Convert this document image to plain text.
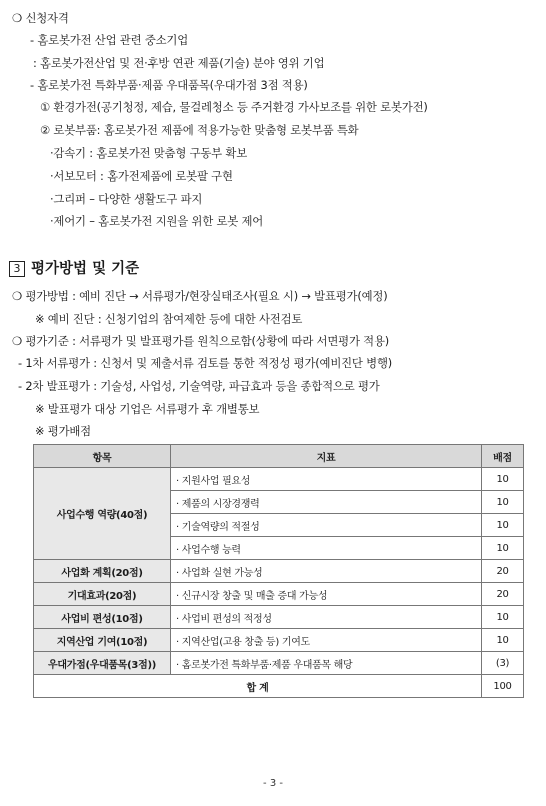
❍ 신청자격
- 홈로봇가전 산업 관련 중소기업
: 홈로봇가전산업 및 전·후방 연관 제품(기술) 분야 영위 기업
- 홈로봇가전 특화부품·제품 우대품목(우대가점 3점 적용)
① 환경가전(공기청정, 제습, 물걸레청소 등 주거환경 가사보조를 위한 로봇가전)
② 로봇부품: 홈로봇가전 제품에 적용가능한 맞춤형 로봇부품 특화
·감속기 : 홈로봇가전 맞춤형 구동부 확보
·서보모터 : 홈가전제품에 로봇팔 구현
·그리퍼 – 다양한 생활도구 파지
·제어기 – 홈로봇가전 지원을 위한 로봇 제어
3 평가방법 및 기준
❍ 평가방법 : 예비 진단 → 서류평가/현장실태조사(필요 시) → 발표평가(예정)
※ 예비 진단 : 신청기업의 참여제한 등에 대한 사전검토
❍ 평가기준 : 서류평가 및 발표평가를 원칙으로함(상황에 따라 서면평가 적용)
- 1차 서류평가 : 신청서 및 제출서류 검토를 통한 적정성 평가(예비진단 병행)
- 2차 발표평가 : 기술성, 사업성, 기술역량, 파급효과 등을 종합적으로 평가
※ 발표평가 대상 기업은 서류평가 후 개별통보
항목	지표	배점
사업수행 역량(40점)	· 지원사업 필요성	10
	· 제품의 시장경쟁력	10
	· 기술역량의 적절성	10
	· 사업수행 능력	10
사업화 계획(20점)	· 사업화 실현 가능성	20
기대효과(20점)	· 신규시장 창출 및 매출 증대 가능성	20
사업비 편성(10점)	· 사업비 편성의 적정성	10
지역산업 기여(10점)	· 지역산업(고용 창출 등) 기여도	10
우대가점(우대품목(3점))	· 홈로봇가전 특화부품·제품 우대품목 해당	(3)
합 계		100
- 3 -
※ 평가배점
